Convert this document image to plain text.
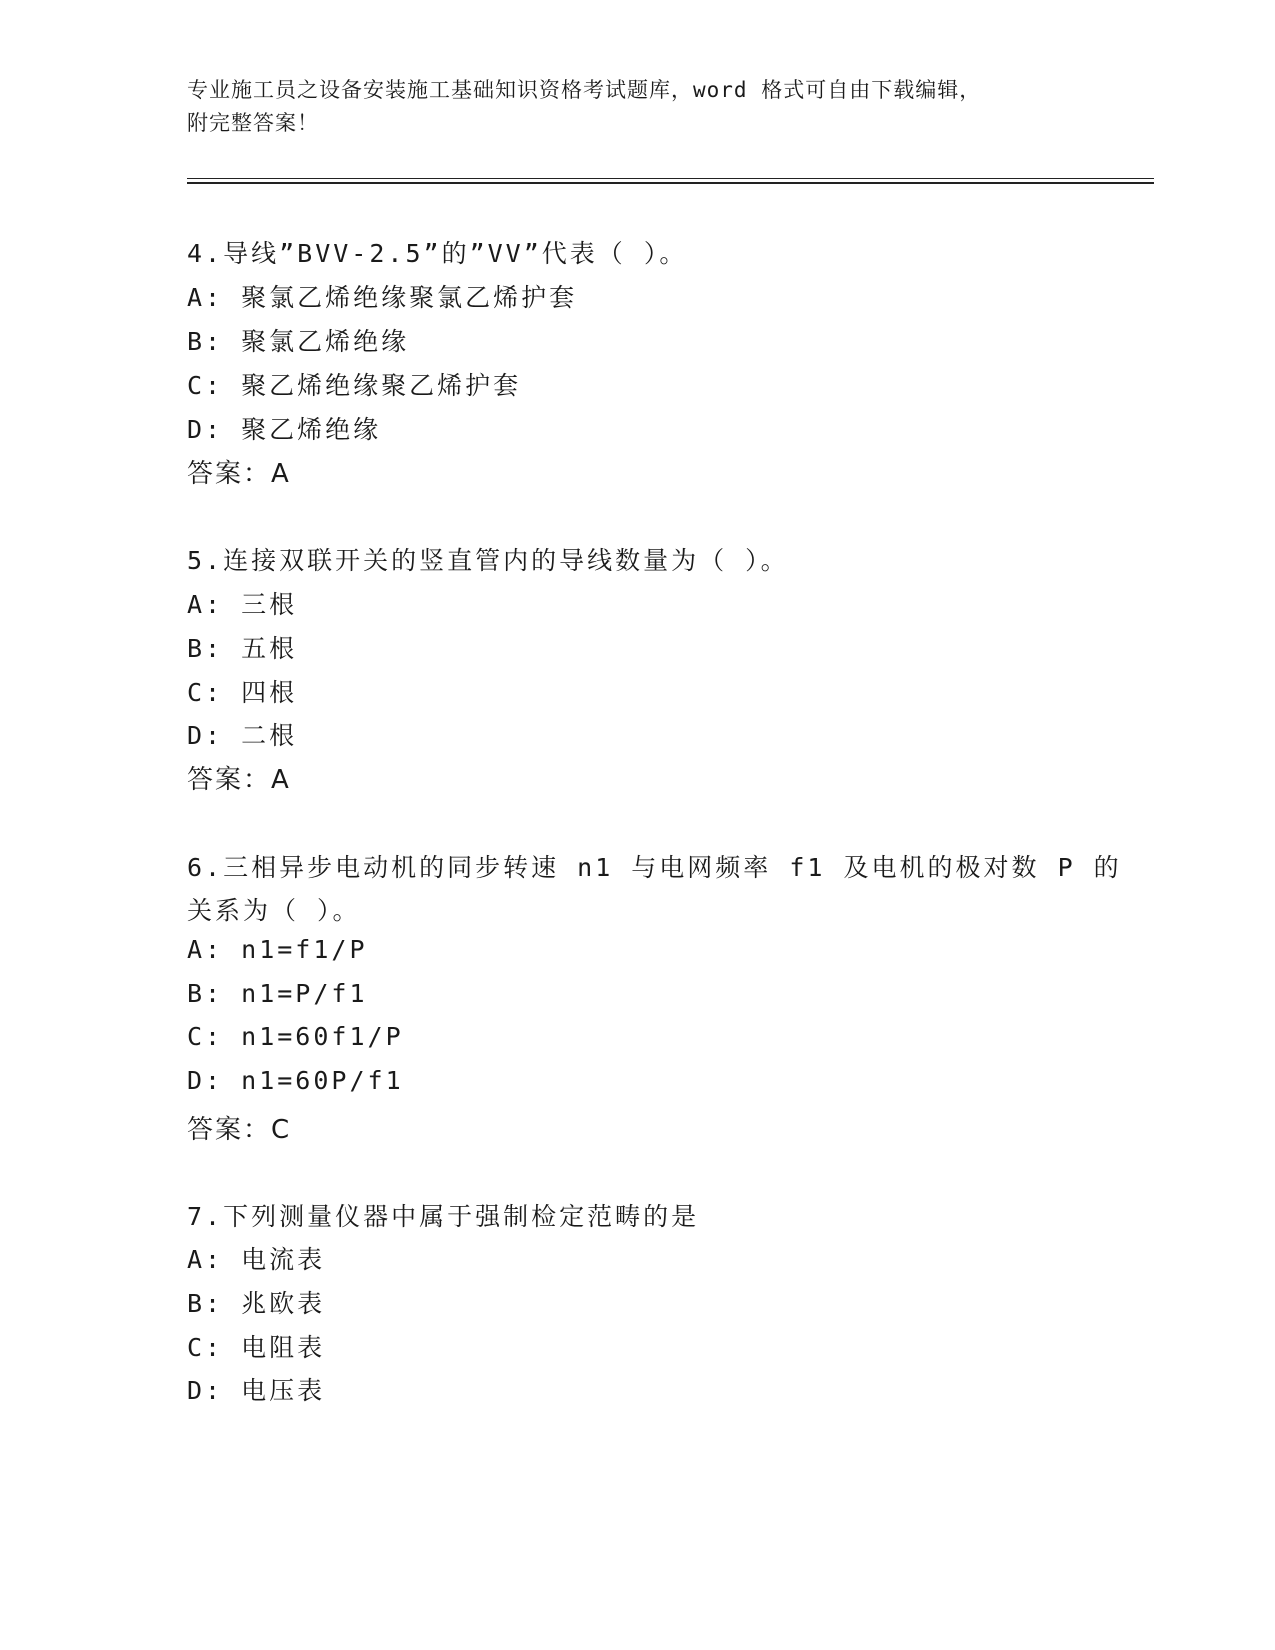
专业施工员之设备安装施工基础知识资格考试题库，word 格式可自由下载编辑，
附完整答案！
4.导线”BVV-2.5”的”VV”代表（ ）。
A: 聚氯乙烯绝缘聚氯乙烯护套
B: 聚氯乙烯绝缘
C: 聚乙烯绝缘聚乙烯护套
D: 聚乙烯绝缘
答案：A
5.连接双联开关的竖直管内的导线数量为（ ）。
A: 三根
B: 五根
C: 四根
D: 二根
答案：A
6.三相异步电动机的同步转速 n1 与电网频率 f1 及电机的极对数 P 的
关系为（ ）。
A: n1=f1/P
B: n1=P/f1
C: n1=60f1/P
D: n1=60P/f1
答案：C
7.下列测量仪器中属于强制检定范畴的是
A: 电流表
B: 兆欧表
C: 电阻表
D: 电压表
